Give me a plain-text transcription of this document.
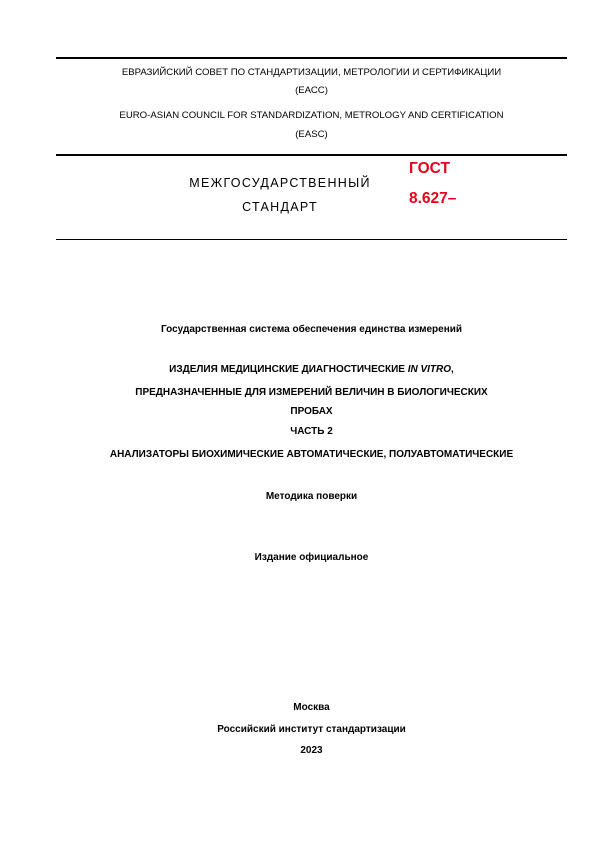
ЕВРАЗИЙСКИЙ СОВЕТ ПО СТАНДАРТИЗАЦИИ, МЕТРОЛОГИИ И СЕРТИФИКАЦИИ
(ЕАСС)
EURO-ASIAN COUNCIL FOR STANDARDIZATION, METROLOGY AND CERTIFICATION
(EASC)
МЕЖГОСУДАРСТВЕННЫЙ
СТАНДАРТ
ГОСТ
8.627–
Государственная система обеспечения единства измерений
ИЗДЕЛИЯ МЕДИЦИНСКИЕ ДИАГНОСТИЧЕСКИЕ IN VITRO,
ПРЕДНАЗНАЧЕННЫЕ ДЛЯ ИЗМЕРЕНИЙ ВЕЛИЧИН В БИОЛОГИЧЕСКИХ
ПРОБАХ
ЧАСТЬ 2
АНАЛИЗАТОРЫ БИОХИМИЧЕСКИЕ АВТОМАТИЧЕСКИЕ, ПОЛУАВТОМАТИЧЕСКИЕ
Методика поверки
Издание официальное
Москва
Российский институт стандартизации
2023
